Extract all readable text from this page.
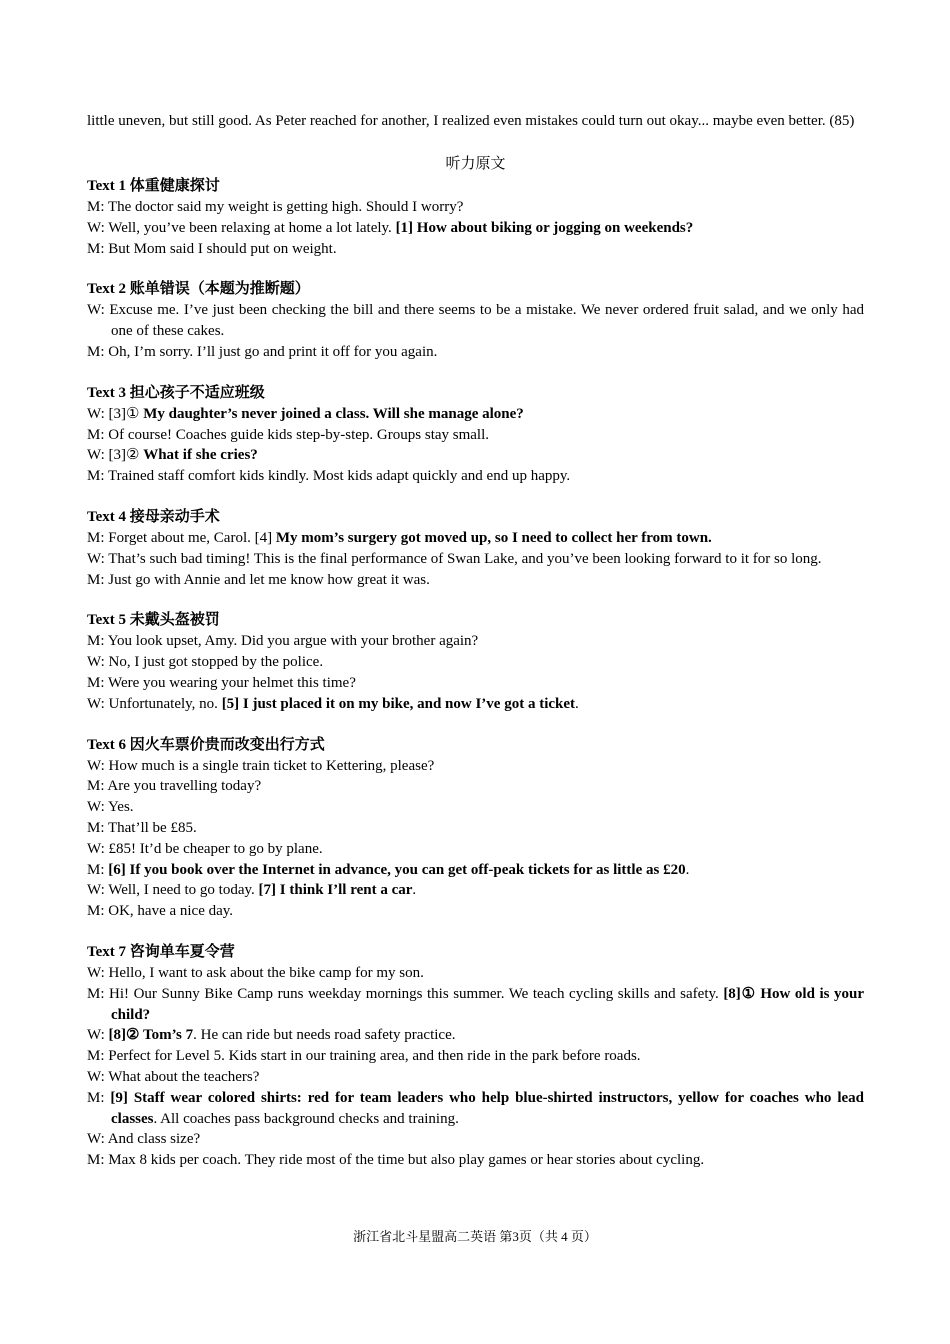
little uneven, but still good. As Peter reached for another, I realized even mistakes could turn out okay... maybe even better. (85)

听力原文
Text 1 体重健康探讨
M: The doctor said my weight is getting high. Should I worry?
W: Well, you’ve been relaxing at home a lot lately. [1] How about biking or jogging on weekends?
M: But Mom said I should put on weight.
Text 2 账单错误（本题为推断题）
W: Excuse me. I’ve just been checking the bill and there seems to be a mistake. We never ordered fruit salad, and we only had one of these cakes.
M: Oh, I’m sorry. I’ll just go and print it off for you again.
Text 3 担心孩子不适应班级
W: [3]① My daughter’s never joined a class. Will she manage alone?
M: Of course! Coaches guide kids step-by-step. Groups stay small.
W: [3]② What if she cries?
M: Trained staff comfort kids kindly. Most kids adapt quickly and end up happy.
Text 4 接母亲动手术
M: Forget about me, Carol. [4] My mom’s surgery got moved up, so I need to collect her from town.
W: That’s such bad timing! This is the final performance of Swan Lake, and you’ve been looking forward to it for so long.
M: Just go with Annie and let me know how great it was.
Text 5 未戴头盔被罚
M: You look upset, Amy. Did you argue with your brother again?
W: No, I just got stopped by the police.
M: Were you wearing your helmet this time?
W: Unfortunately, no. [5] I just placed it on my bike, and now I’ve got a ticket.
Text 6 因火车票价贵而改变出行方式
W: How much is a single train ticket to Kettering, please?
M: Are you travelling today?
W: Yes.
M: That’ll be £85.
W: £85! It’d be cheaper to go by plane.
M: [6] If you book over the Internet in advance, you can get off-peak tickets for as little as £20.
W: Well, I need to go today. [7] I think I’ll rent a car.
M: OK, have a nice day.
Text 7 咨询单车夏令营
W: Hello, I want to ask about the bike camp for my son.
M: Hi! Our Sunny Bike Camp runs weekday mornings this summer. We teach cycling skills and safety. [8]① How old is your child?
W: [8]② Tom’s 7. He can ride but needs road safety practice.
M: Perfect for Level 5. Kids start in our training area, and then ride in the park before roads.
W: What about the teachers?
M: [9] Staff wear colored shirts: red for team leaders who help blue-shirted instructors, yellow for coaches who lead classes. All coaches pass background checks and training.
W: And class size?
M: Max 8 kids per coach. They ride most of the time but also play games or hear stories about cycling.
浙江省北斗星盟高二英语 第3页（共 4 页）
